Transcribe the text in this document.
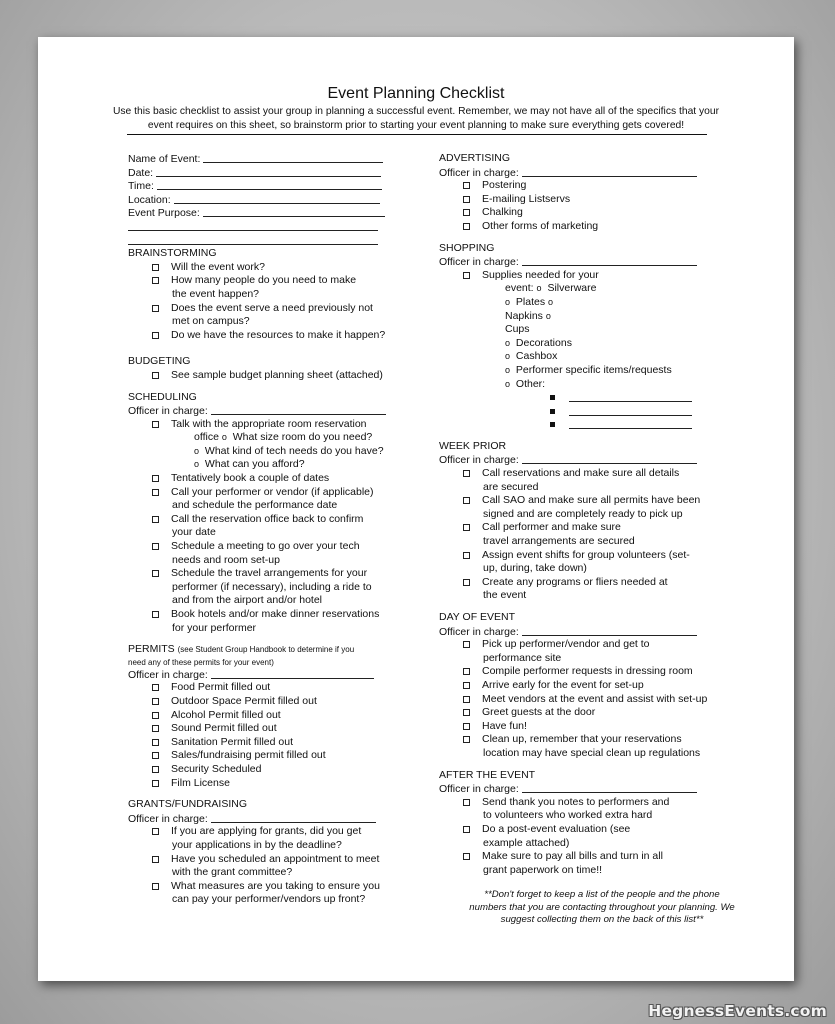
Event Planning Checklist
Use this basic checklist to assist your group in planning a successful event. Remember, we may not have all of the specifics that your
event requires on this sheet, so brainstorm prior to starting your event planning to make sure everything gets covered!
Name of Event:
Date:
Time:
Location:
Event Purpose:
BRAINSTORMING
Will the event work?
How many people do you need to make
the event happen?
Does the event serve a need previously not
met on campus?
Do we have the resources to make it happen?
BUDGETING
See sample budget planning sheet (attached)
SCHEDULING
Officer in charge:
Talk with the appropriate room reservation
office o What size room do you need?
o What kind of tech needs do you have?
o What can you afford?
Tentatively book a couple of dates
Call your performer or vendor (if applicable)
and schedule the performance date
Call the reservation office back to confirm
your date
Schedule a meeting to go over your tech
needs and room set-up
Schedule the travel arrangements for your
performer (if necessary), including a ride to
and from the airport and/or hotel
Book hotels and/or make dinner reservations
for your performer
PERMITS (see Student Group Handbook to determine if you
need any of these permits for your event)
Officer in charge:
Food Permit filled out
Outdoor Space Permit filled out
Alcohol Permit filled out
Sound Permit filled out
Sanitation Permit filled out
Sales/fundraising permit filled out
Security Scheduled
Film License
GRANTS/FUNDRAISING
Officer in charge:
If you are applying for grants, did you get
your applications in by the deadline?
Have you scheduled an appointment to meet
with the grant committee?
What measures are you taking to ensure you
can pay your performer/vendors up front?
ADVERTISING
Officer in charge:
Postering
E-mailing Listservs
Chalking
Other forms of marketing
SHOPPING
Officer in charge:
Supplies needed for your
event: o Silverware
o Plates o
Napkins o
Cups
o Decorations
o Cashbox
o Performer specific items/requests
o Other:
WEEK PRIOR
Officer in charge:
Call reservations and make sure all details
are secured
Call SAO and make sure all permits have been
signed and are completely ready to pick up
Call performer and make sure
travel arrangements are secured
Assign event shifts for group volunteers (set-
up, during, take down)
Create any programs or fliers needed at
the event
DAY OF EVENT
Officer in charge:
Pick up performer/vendor and get to
performance site
Compile performer requests in dressing room
Arrive early for the event for set-up
Meet vendors at the event and assist with set-up
Greet guests at the door
Have fun!
Clean up, remember that your reservations
location may have special clean up regulations
AFTER THE EVENT
Officer in charge:
Send thank you notes to performers and
to volunteers who worked extra hard
Do a post-event evaluation (see
example attached)
Make sure to pay all bills and turn in all
grant paperwork on time!!
**Don't forget to keep a list of the people and the phone
numbers that you are contacting throughout your planning. We
suggest collecting them on the back of this list**
HegnessEvents.com
